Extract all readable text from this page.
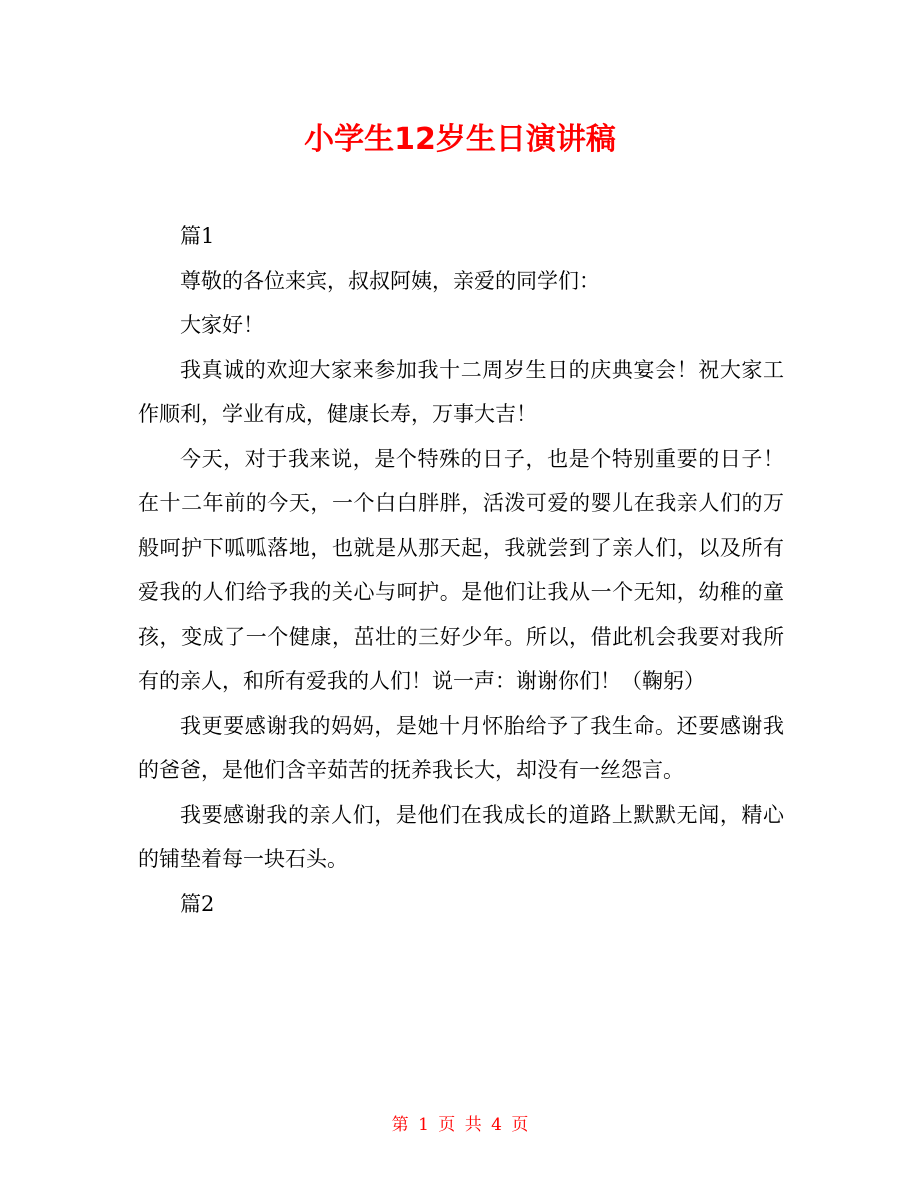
小学生12岁生日演讲稿

篇1

尊敬的各位来宾，叔叔阿姨，亲爱的同学们：

大家好！

我真诚的欢迎大家来参加我十二周岁生日的庆典宴会！祝大家工作顺利，学业有成，健康长寿，万事大吉！

今天，对于我来说，是个特殊的日子，也是个特别重要的日子！在十二年前的今天，一个白白胖胖，活泼可爱的婴儿在我亲人们的万般呵护下呱呱落地，也就是从那天起，我就尝到了亲人们，以及所有爱我的人们给予我的关心与呵护。是他们让我从一个无知，幼稚的童孩，变成了一个健康，茁壮的三好少年。所以，借此机会我要对我所有的亲人，和所有爱我的人们！说一声：谢谢你们！（鞠躬）

我更要感谢我的妈妈，是她十月怀胎给予了我生命。还要感谢我的爸爸，是他们含辛茹苦的抚养我长大，却没有一丝怨言。

我要感谢我的亲人们，是他们在我成长的道路上默默无闻，精心的铺垫着每一块石头。

篇2

第 1 页 共 4 页
